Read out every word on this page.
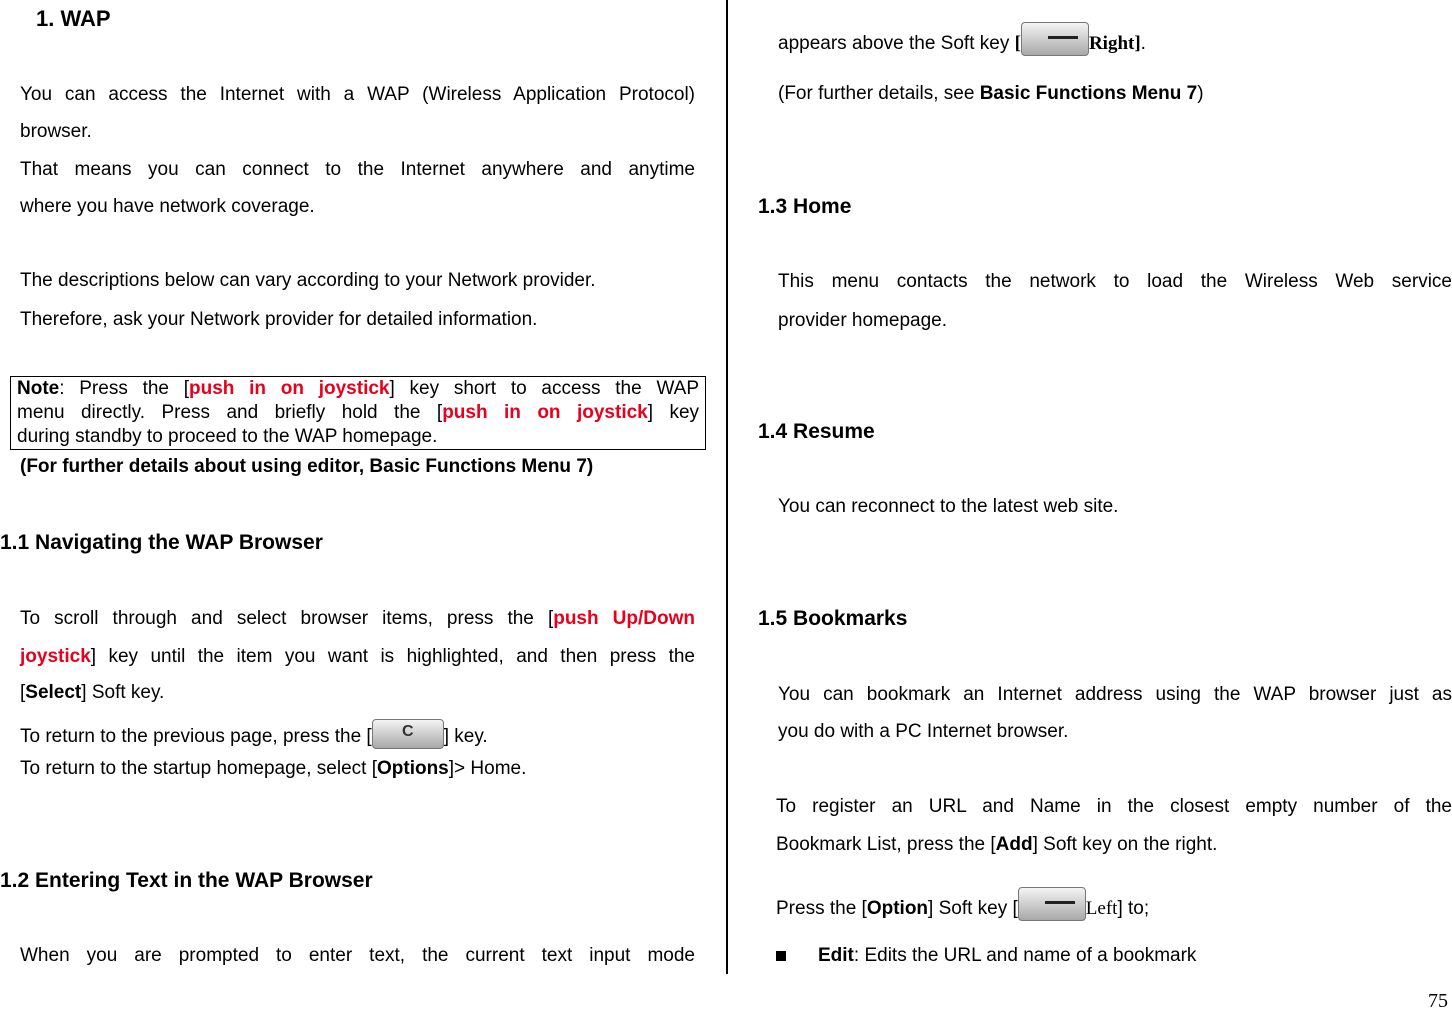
1. WAP
You can access the Internet with a WAP (Wireless Application Protocol)
browser.
That means you can connect to the Internet anywhere and anytime
where you have network coverage.
The descriptions below can vary according to your Network provider.
Therefore, ask your Network provider for detailed information.
Note: Press the [push in on joystick] key short to access the WAP
menu directly. Press and briefly hold the [push in on joystick] key
during standby to proceed to the WAP homepage.
(For further details about using editor, Basic Functions Menu 7)
1.1 Navigating the WAP Browser
To scroll through and select browser items, press the [push Up/Down
joystick] key until the item you want is highlighted, and then press the
[Select] Soft key.
To return to the previous page, press the [	C	] key.
To return to the startup homepage, select [Options]> Home.
1.2 Entering Text in the WAP Browser
When you are prompted to enter text, the current text input mode
appears above the Soft key [	Right].
(For further details, see Basic Functions Menu 7)
1.3 Home
This menu contacts the network to load the Wireless Web service
provider homepage.
1.4 Resume
You can reconnect to the latest web site.
1.5 Bookmarks
You can bookmark an Internet address using the WAP browser just as
you do with a PC Internet browser.
To register an URL and Name in the closest empty number of the
Bookmark List, press the [Add] Soft key on the right.
Press the [Option] Soft key [	Left] to;
Edit: Edits the URL and name of a bookmark
75
